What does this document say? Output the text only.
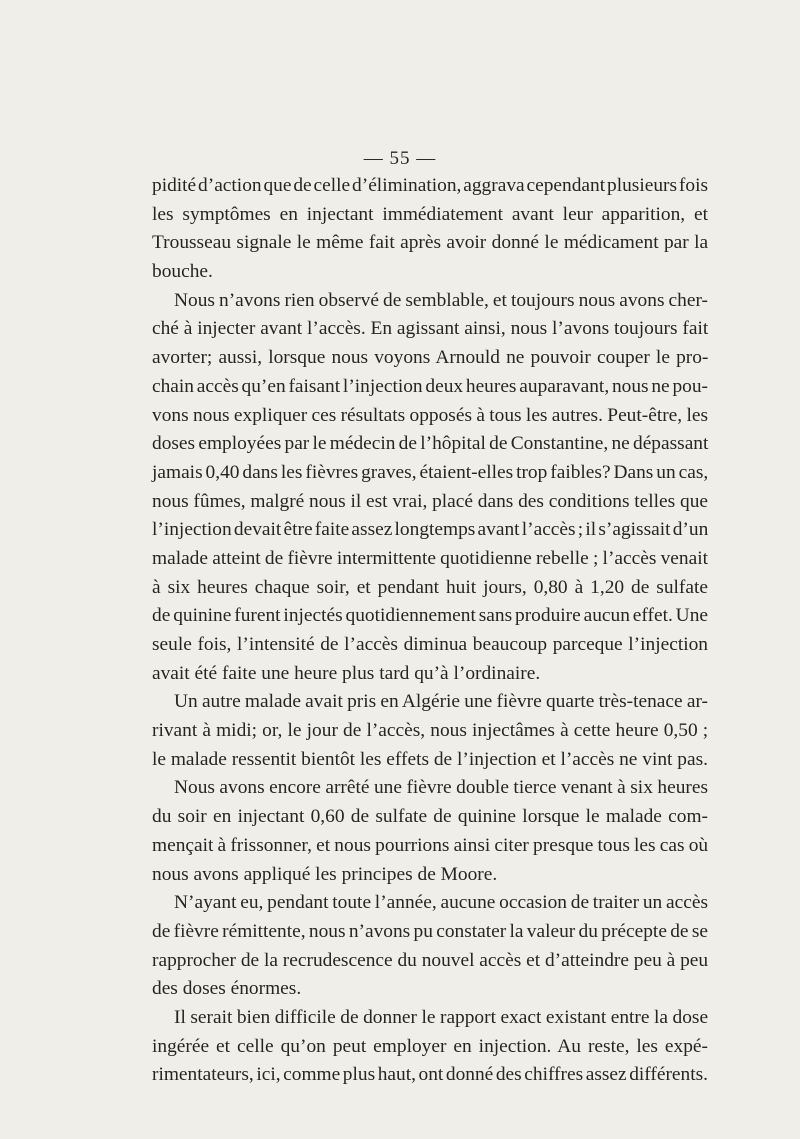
— 55 —
pidité d’action que de celle d’élimination, aggrava cependant plusieurs fois
les symptômes en injectant immédiatement avant leur apparition, et
Trousseau signale le même fait après avoir donné le médicament par la
bouche.
Nous n’avons rien observé de semblable, et toujours nous avons cher-
ché à injecter avant l’accès. En agissant ainsi, nous l’avons toujours fait
avorter; aussi, lorsque nous voyons Arnould ne pouvoir couper le pro-
chain accès qu’en faisant l’injection deux heures auparavant, nous ne pou-
vons nous expliquer ces résultats opposés à tous les autres. Peut-être, les
doses employées par le médecin de l’hôpital de Constantine, ne dépassant
jamais 0,40 dans les fièvres graves, étaient-elles trop faibles? Dans un cas,
nous fûmes, malgré nous il est vrai, placé dans des conditions telles que
l’injection devait être faite assez longtemps avant l’accès ; il s’agissait d’un
malade atteint de fièvre intermittente quotidienne rebelle ; l’accès venait
à six heures chaque soir, et pendant huit jours, 0,80 à 1,20 de sulfate
de quinine furent injectés quotidiennement sans produire aucun effet. Une
seule fois, l’intensité de l’accès diminua beaucoup parceque l’injection
avait été faite une heure plus tard qu’à l’ordinaire.
Un autre malade avait pris en Algérie une fièvre quarte très-tenace ar-
rivant à midi; or, le jour de l’accès, nous injectâmes à cette heure 0,50 ;
le malade ressentit bientôt les effets de l’injection et l’accès ne vint pas.
Nous avons encore arrêté une fièvre double tierce venant à six heures
du soir en injectant 0,60 de sulfate de quinine lorsque le malade com-
mençait à frissonner, et nous pourrions ainsi citer presque tous les cas où
nous avons appliqué les principes de Moore.
N’ayant eu, pendant toute l’année, aucune occasion de traiter un accès
de fièvre rémittente, nous n’avons pu constater la valeur du précepte de se
rapprocher de la recrudescence du nouvel accès et d’atteindre peu à peu
des doses énormes.
Il serait bien difficile de donner le rapport exact existant entre la dose
ingérée et celle qu’on peut employer en injection. Au reste, les expé-
rimentateurs, ici, comme plus haut, ont donné des chiffres assez différents.
